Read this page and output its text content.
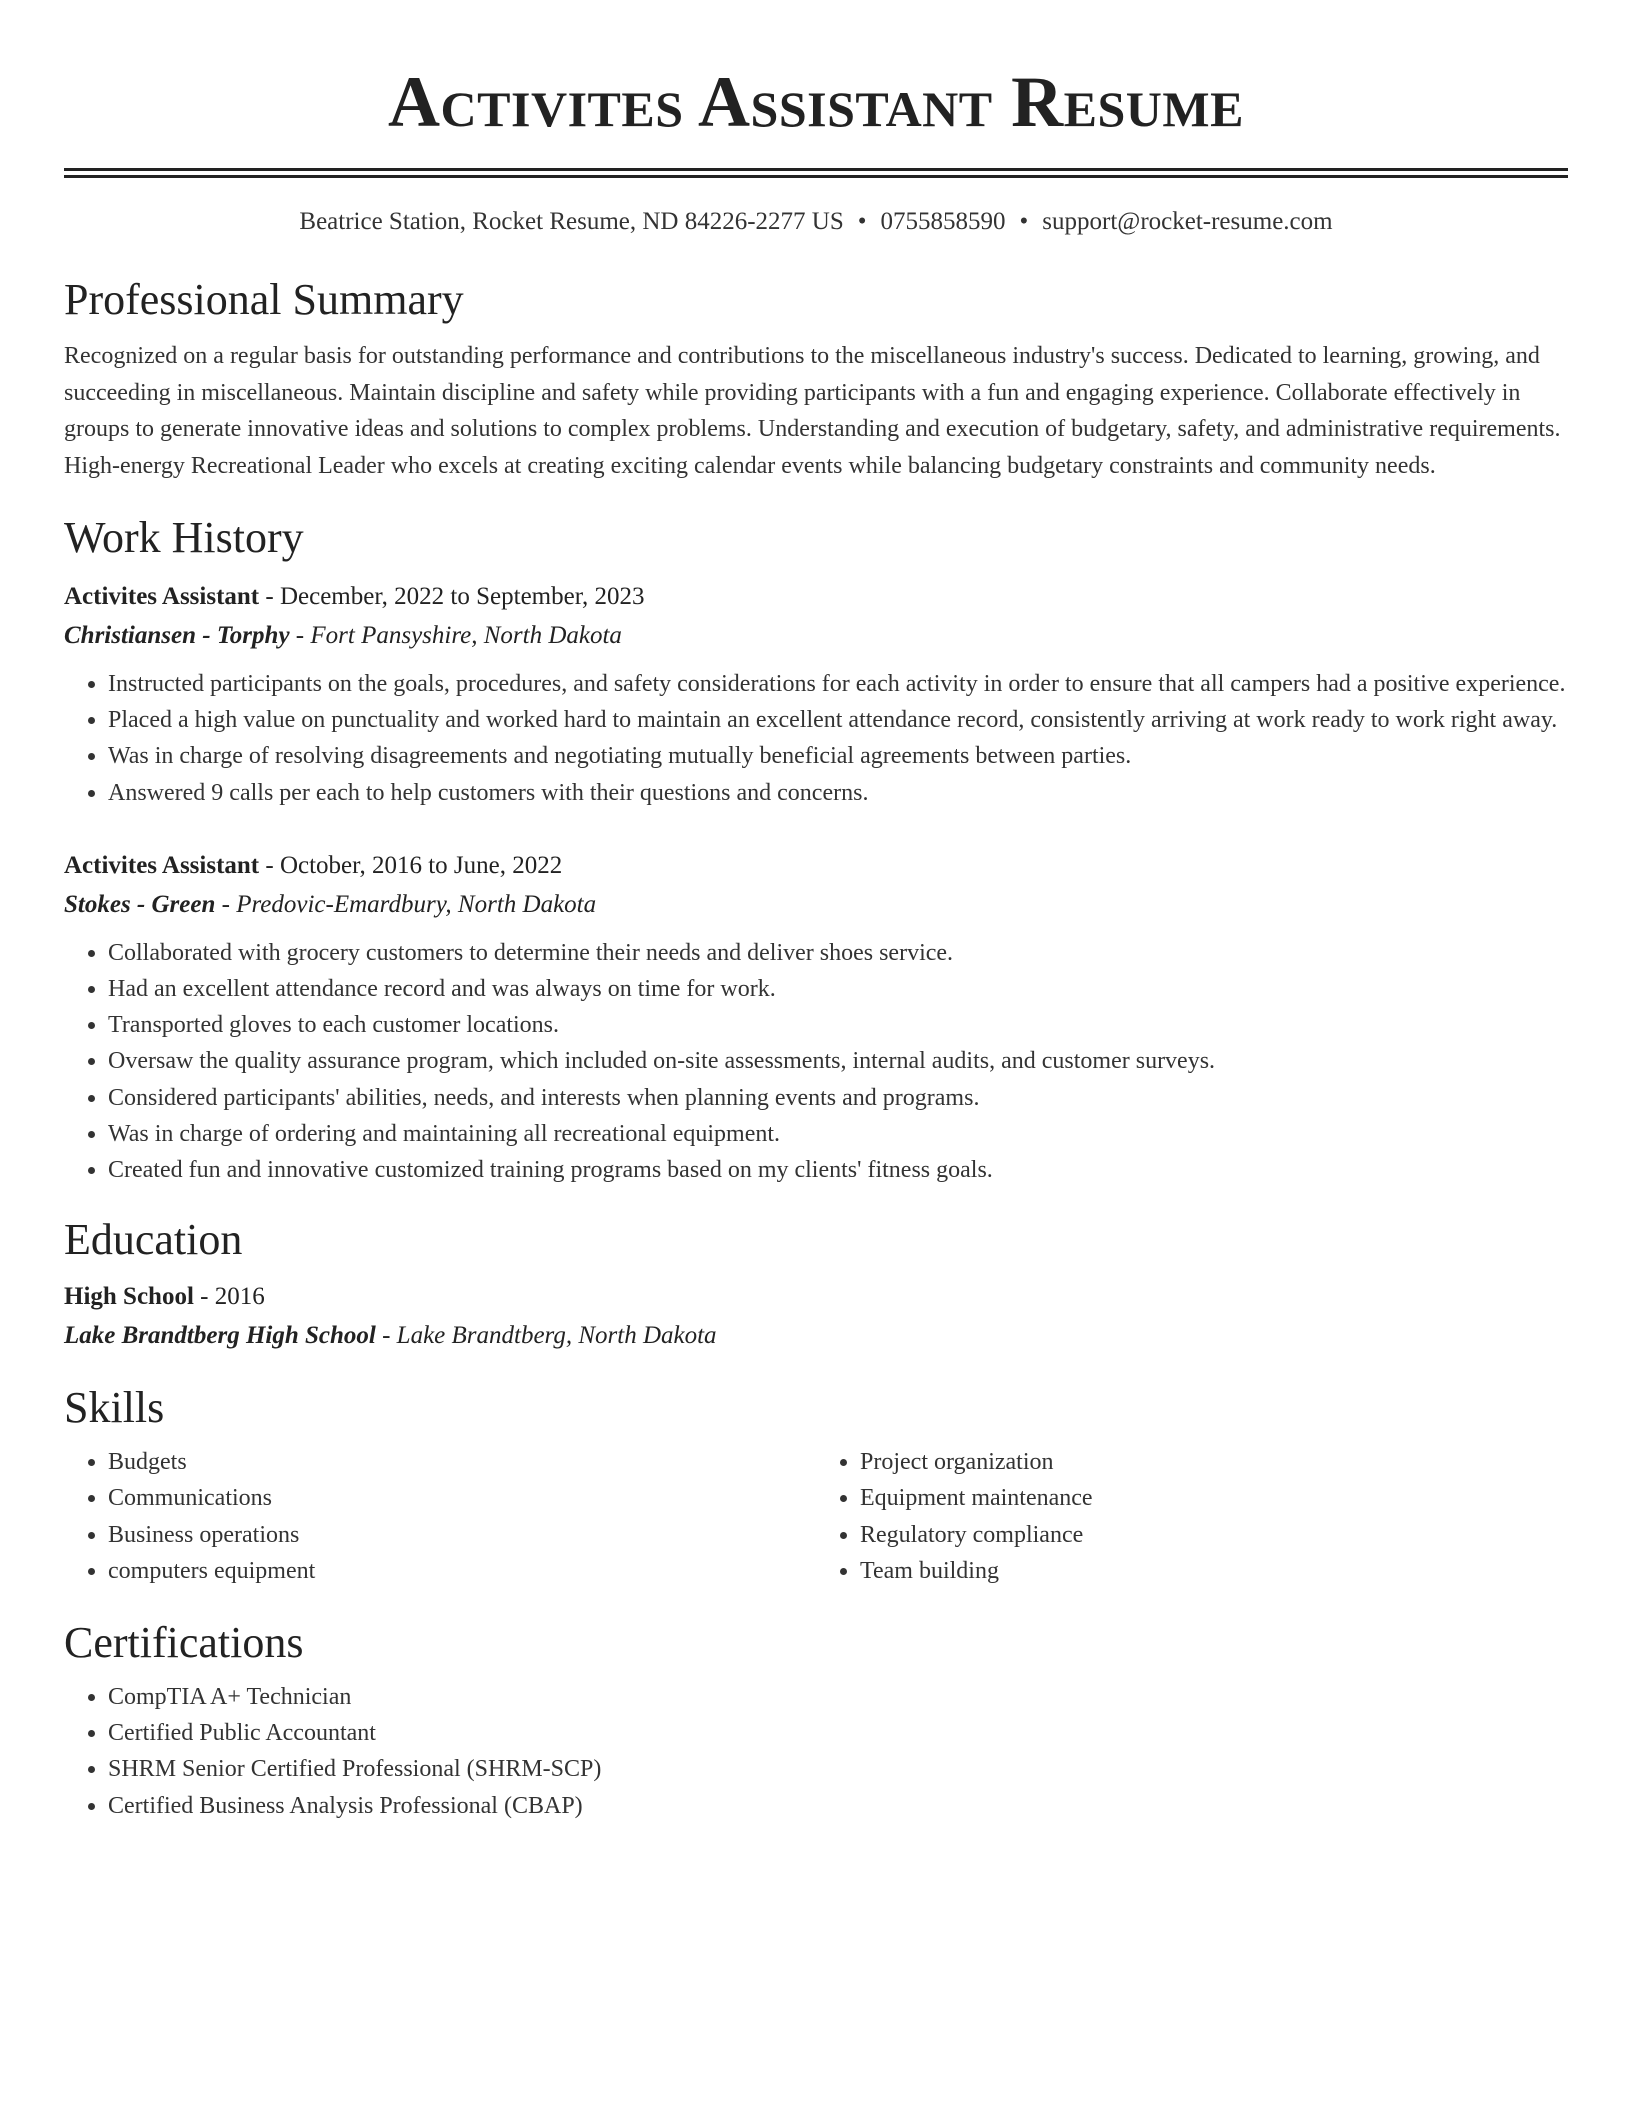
Activites Assistant Resume
Beatrice Station, Rocket Resume, ND 84226-2277 US • 0755858590 • support@rocket-resume.com
Professional Summary

Recognized on a regular basis for outstanding performance and contributions to the miscellaneous industry's success. Dedicated to learning, growing, and succeeding in miscellaneous. Maintain discipline and safety while providing participants with a fun and engaging experience. Collaborate effectively in groups to generate innovative ideas and solutions to complex problems. Understanding and execution of budgetary, safety, and administrative requirements. High-energy Recreational Leader who excels at creating exciting calendar events while balancing budgetary constraints and community needs.

Work History
Activites Assistant - December, 2022 to September, 2023
Christiansen - Torphy - Fort Pansyshire, North Dakota
• Instructed participants on the goals, procedures, and safety considerations for each activity in order to ensure that all campers had a positive experience.
• Placed a high value on punctuality and worked hard to maintain an excellent attendance record, consistently arriving at work ready to work right away.
• Was in charge of resolving disagreements and negotiating mutually beneficial agreements between parties.
• Answered 9 calls per each to help customers with their questions and concerns.
Activites Assistant - October, 2016 to June, 2022
Stokes - Green - Predovic-Emardbury, North Dakota
• Collaborated with grocery customers to determine their needs and deliver shoes service.
• Had an excellent attendance record and was always on time for work.
• Transported gloves to each customer locations.
• Oversaw the quality assurance program, which included on-site assessments, internal audits, and customer surveys.
• Considered participants' abilities, needs, and interests when planning events and programs.
• Was in charge of ordering and maintaining all recreational equipment.
• Created fun and innovative customized training programs based on my clients' fitness goals.
Education
High School - 2016
Lake Brandtberg High School - Lake Brandtberg, North Dakota
Skills
• Budgets
• Communications
• Business operations
• computers equipment
• Project organization
• Equipment maintenance
• Regulatory compliance
• Team building
Certifications
• CompTIA A+ Technician
• Certified Public Accountant
• SHRM Senior Certified Professional (SHRM-SCP)
• Certified Business Analysis Professional (CBAP)
